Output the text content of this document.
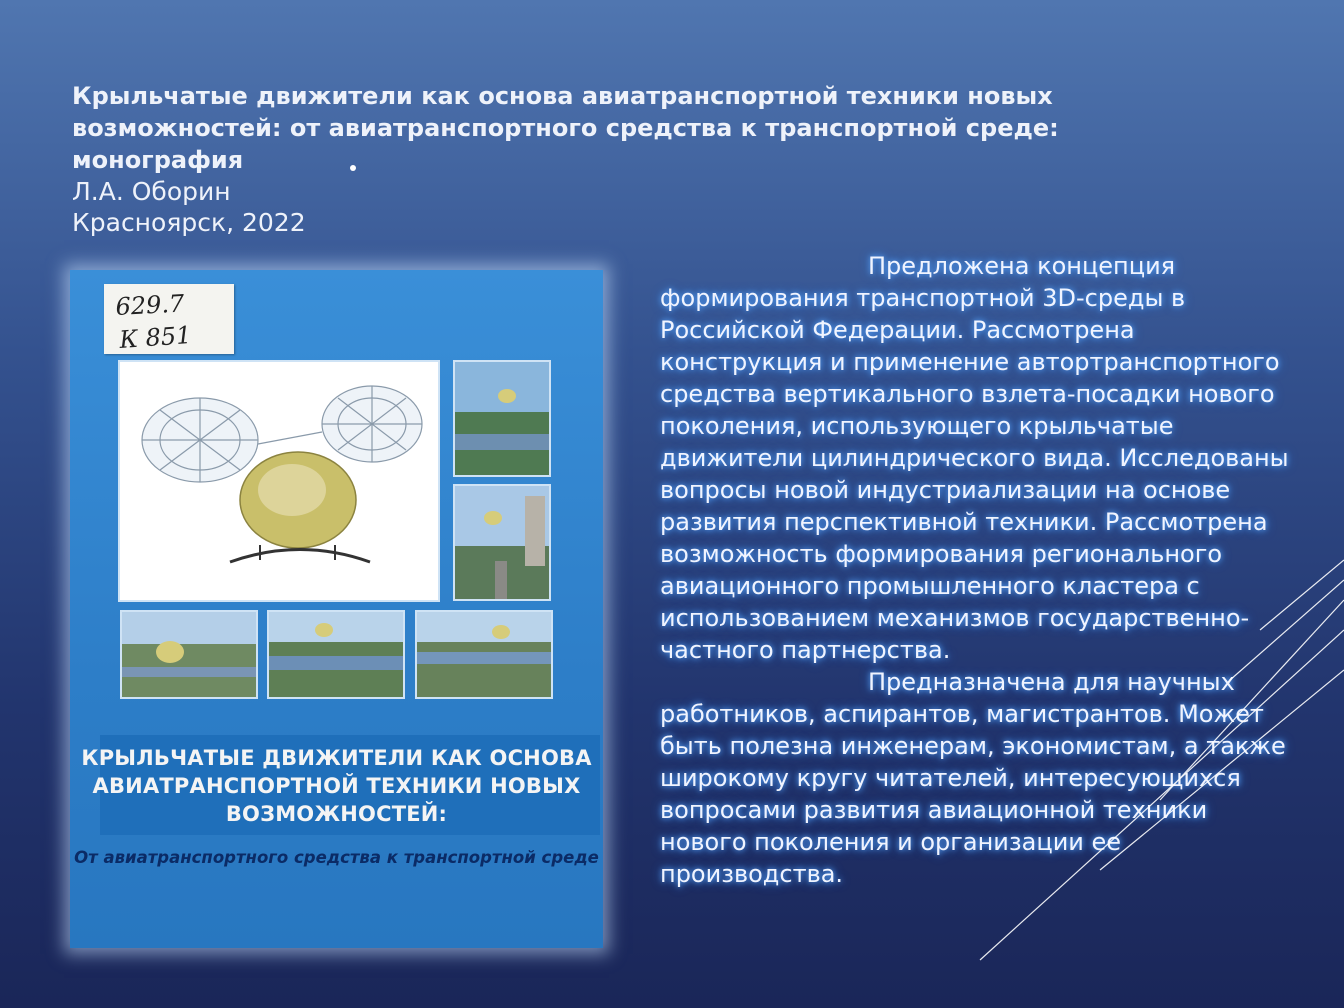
Крыльчатые движители как основа авиатранспортной техники новых возможностей: от авиатранспортного средства к транспортной среде: монография
Л.А. Оборин
Красноярск, 2022
629.7
К 851
КРЫЛЬЧАТЫЕ ДВИЖИТЕЛИ КАК ОСНОВА АВИАТРАНСПОРТНОЙ ТЕХНИКИ НОВЫХ ВОЗМОЖНОСТЕЙ:
От авиатранспортного средства к транспортной среде

Предложена концепция формирования транспортной 3D-среды в Российской Федерации. Рассмотрена конструкция и применение автортранспортного средства вертикального взлета-посадки нового поколения, использующего крыльчатые движители цилиндрического вида. Исследованы вопросы новой индустриализации на основе развития перспективной техники. Рассмотрена возможность формирования регионального авиационного промышленного кластера с использованием механизмов государственно-частного партнерства.

Предназначена для научных работников, аспирантов, магистрантов. Может быть полезна инженерам, экономистам, а также широкому кругу читателей, интересующихся вопросами развития авиационной техники нового поколения и организации ее производства.
